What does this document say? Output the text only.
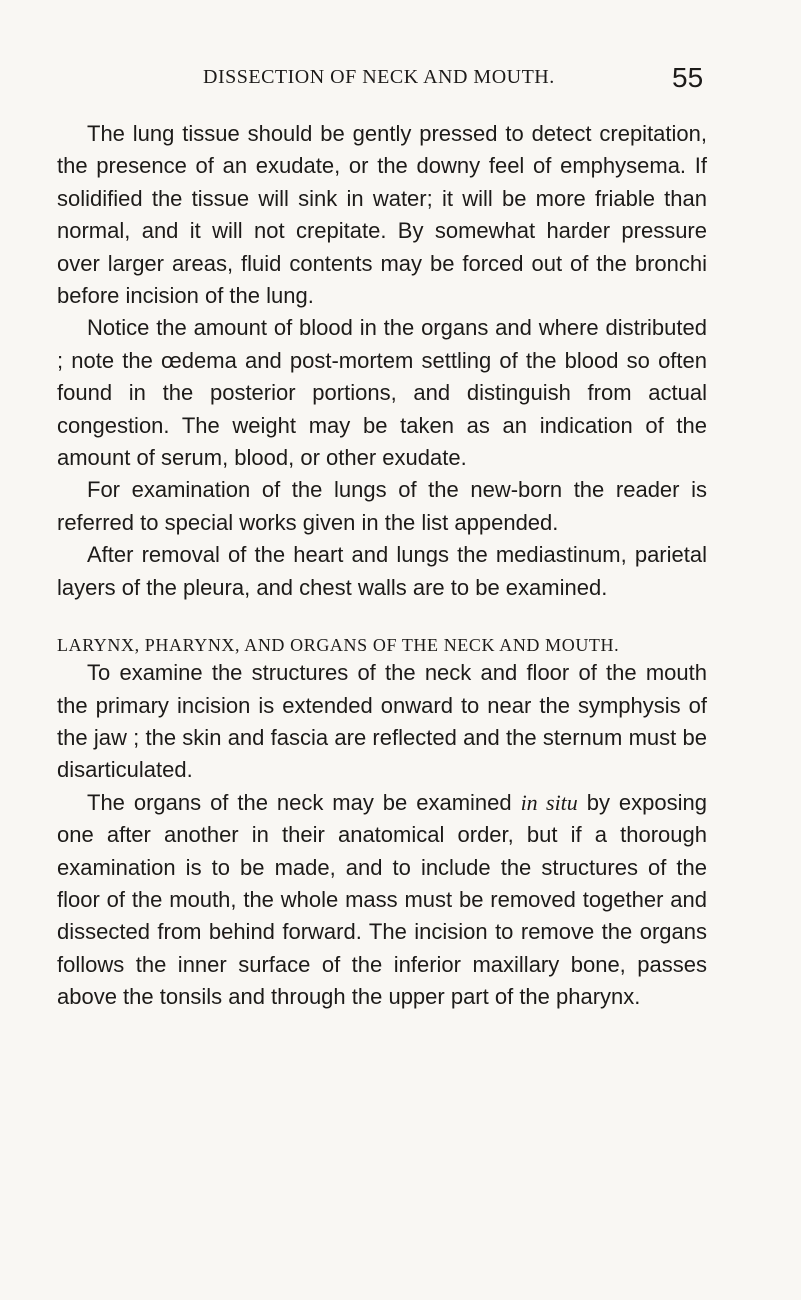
DISSECTION OF NECK AND MOUTH.	55

The lung tissue should be gently pressed to detect crepitation, the presence of an exudate, or the downy feel of emphysema. If solidified the tissue will sink in water; it will be more friable than normal, and it will not crepitate. By somewhat harder pressure over larger areas, fluid contents may be forced out of the bronchi before incision of the lung.

Notice the amount of blood in the organs and where distributed ; note the œdema and post-mortem settling of the blood so often found in the posterior portions, and distinguish from actual congestion. The weight may be taken as an indication of the amount of serum, blood, or other exudate.

For examination of the lungs of the new-born the reader is referred to special works given in the list appended.

After removal of the heart and lungs the mediastinum, parietal layers of the pleura, and chest walls are to be examined.

LARYNX, PHARYNX, AND ORGANS OF THE NECK AND MOUTH.

To examine the structures of the neck and floor of the mouth the primary incision is extended onward to near the symphysis of the jaw ; the skin and fascia are reflected and the sternum must be disarticulated.

The organs of the neck may be examined in situ by exposing one after another in their anatomical order, but if a thorough examination is to be made, and to include the structures of the floor of the mouth, the whole mass must be removed together and dissected from behind forward. The incision to remove the organs follows the inner surface of the inferior maxillary bone, passes above the tonsils and through the upper part of the pharynx.
